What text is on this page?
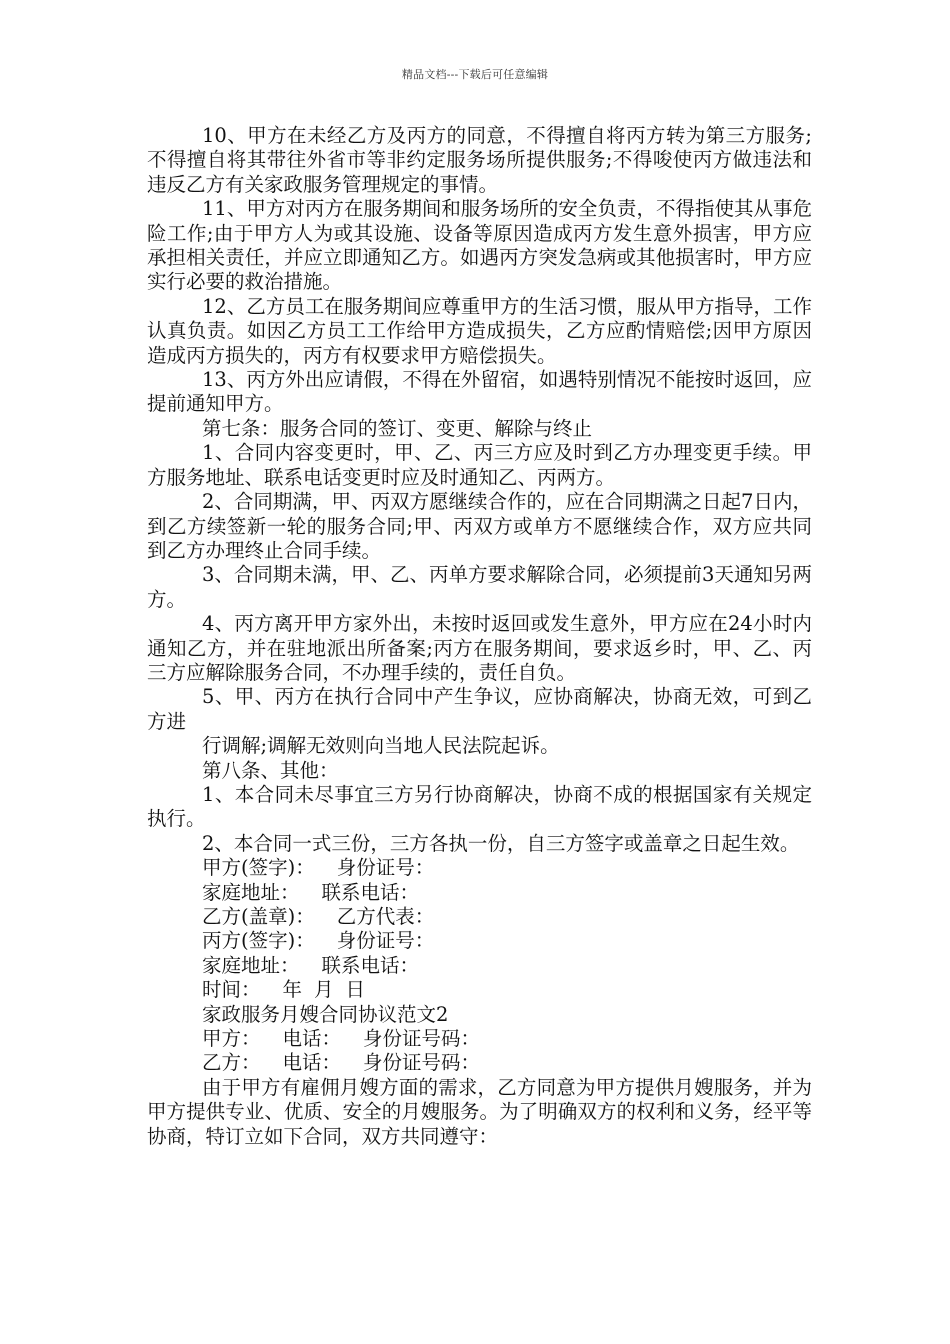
精品文档---下载后可任意编辑

10、甲方在未经乙方及丙方的同意，不得擅自将丙方转为第三方服务;不得擅自将其带往外省市等非约定服务场所提供服务;不得唆使丙方做违法和违反乙方有关家政服务管理规定的事情。

11、甲方对丙方在服务期间和服务场所的安全负责，不得指使其从事危险工作;由于甲方人为或其设施、设备等原因造成丙方发生意外损害，甲方应承担相关责任，并应立即通知乙方。如遇丙方突发急病或其他损害时，甲方应实行必要的救治措施。

12、乙方员工在服务期间应尊重甲方的生活习惯，服从甲方指导，工作认真负责。如因乙方员工工作给甲方造成损失，乙方应酌情赔偿;因甲方原因造成丙方损失的，丙方有权要求甲方赔偿损失。

13、丙方外出应请假，不得在外留宿，如遇特别情况不能按时返回，应提前通知甲方。

第七条：服务合同的签订、变更、解除与终止

1、合同内容变更时，甲、乙、丙三方应及时到乙方办理变更手续。甲方服务地址、联系电话变更时应及时通知乙、丙两方。

2、合同期满，甲、丙双方愿继续合作的，应在合同期满之日起7日内，到乙方续签新一轮的服务合同;甲、丙双方或单方不愿继续合作，双方应共同到乙方办理终止合同手续。

3、合同期未满，甲、乙、丙单方要求解除合同，必须提前3天通知另两方。

4、丙方离开甲方家外出，未按时返回或发生意外，甲方应在24小时内通知乙方，并在驻地派出所备案;丙方在服务期间，要求返乡时，甲、乙、丙三方应解除服务合同，不办理手续的，责任自负。

5、甲、丙方在执行合同中产生争议，应协商解决，协商无效，可到乙方进

行调解;调解无效则向当地人民法院起诉。

第八条、其他：

1、本合同未尽事宜三方另行协商解决，协商不成的根据国家有关规定执行。

2、本合同一式三份，三方各执一份，自三方签字或盖章之日起生效。

甲方(签字)： 身份证号：

家庭地址： 联系电话：

乙方(盖章)： 乙方代表：

丙方(签字)： 身份证号：

家庭地址： 联系电话：

时间： 年 月 日

家政服务月嫂合同协议范文2

甲方： 电话： 身份证号码：

乙方： 电话： 身份证号码：

由于甲方有雇佣月嫂方面的需求，乙方同意为甲方提供月嫂服务，并为甲方提供专业、优质、安全的月嫂服务。为了明确双方的权利和义务，经平等协商，特订立如下合同，双方共同遵守：
